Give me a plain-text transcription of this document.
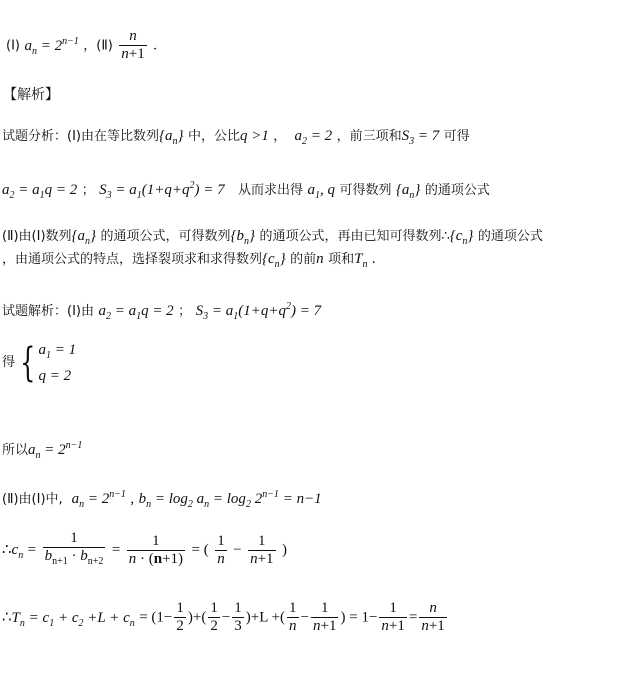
(Ⅰ) $a_n = 2^{n-1}$ ，(Ⅱ) $\frac{n}{n+1}$ .
【解析】
试题分析：(Ⅰ)由在等比数列$\{a_n\}$ 中，公比q >1 ，  $a_2 = 2$ ，前三项和$S_3 = 7$ 可得
$a_2 = a_1q = 2$ ； $S_3 = a_1(1+q+q^2) = 7$ 从而求出得 $a_1$, q 可得数列 $\{a_n\}$ 的通项公式
(Ⅱ)由(Ⅰ)数列$\{a_n\}$ 的通项公式，可得数列$\{b_n\}$ 的通项公式，再由已知可得数列$\therefore\{c_n\}$ 的通项公式
，由通项公式的特点，选择裂项求和求得数列$\{c_n\}$ 的前n 项和$T_n$ .
试题解析：(Ⅰ)由 $a_2 = a_1q = 2$ ； $S_3 = a_1(1+q+q^2) = 7$
得 { $a_1 = 1$
q = 2
所以$a_n = 2^{n-1}$
(Ⅱ)由(Ⅰ)中, $a_n = 2^{n-1}$ , $b_n = \log_2 a_n = \log_2 2^{n-1} = n-1$
$\therefore c_n = \frac{1}{b_{n+1} \cdot b_{n+2}} = \frac{1}{n \cdot (n+1)}$ = ( $\frac{1}{n} - \frac{1}{n+1}$ )
$\therefore T_n = c_1 + c_2 +L + c_n = (1- \frac{1}{2}$ )+( $\frac{1}{2} - \frac{1}{3} )+L$ +( $\frac{1}{n} - \frac{1}{n+1}$ ) = $1- \frac{1}{n+1} = \frac{n}{n+1}$
